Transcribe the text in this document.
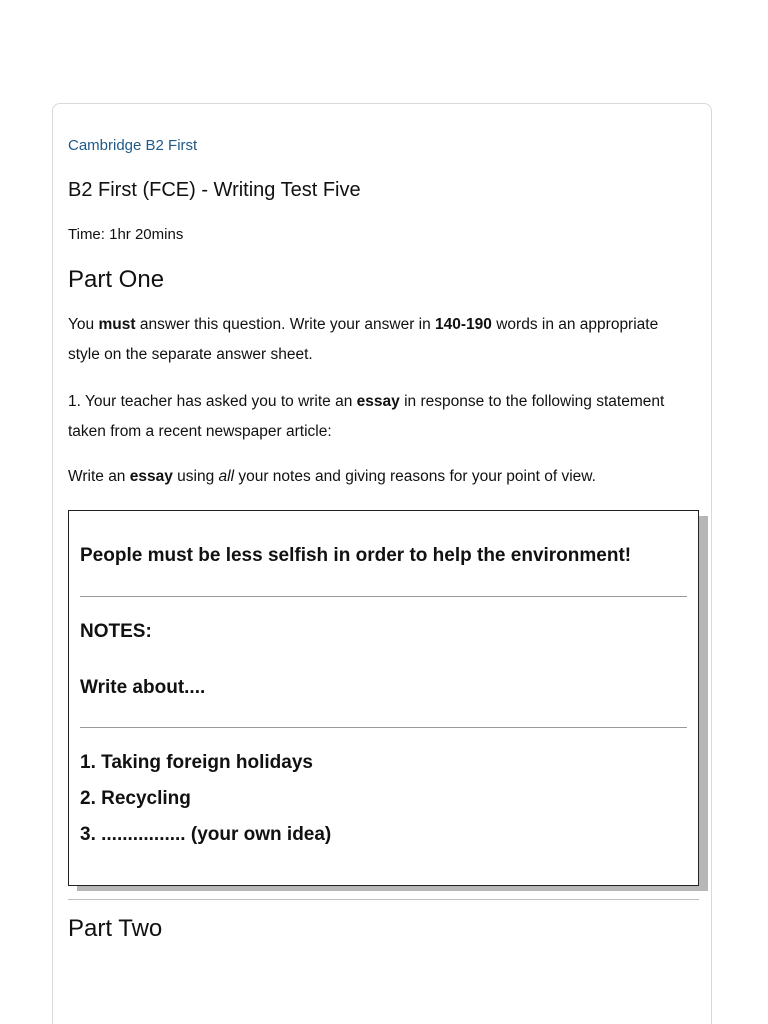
Cambridge B2 First
B2 First (FCE) - Writing Test Five
Time: 1hr 20mins
Part One
You must answer this question. Write your answer in 140-190 words in an appropriate style on the separate answer sheet.
1. Your teacher has asked you to write an essay in response to the following statement taken from a recent newspaper article:
Write an essay using all your notes and giving reasons for your point of view.
People must be less selfish in order to help the environment!
NOTES:
Write about....
1. Taking foreign holidays
2. Recycling
3. ................ (your own idea)
Part Two
